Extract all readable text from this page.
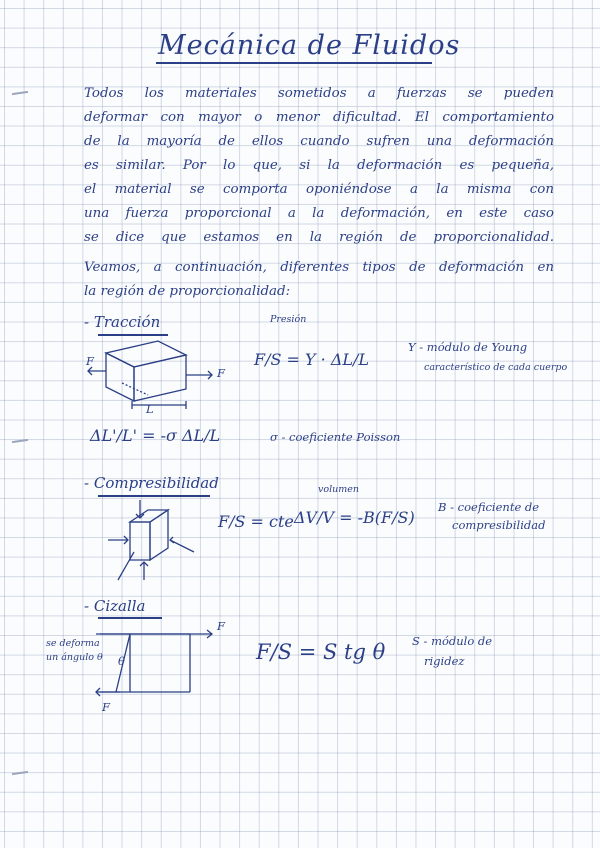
Mecánica de Fluidos
Todos los materiales sometidos a fuerzas se pueden
deformar con mayor o menor dificultad. El comportamiento
de la mayoría de ellos cuando sufren una deformación
es similar. Por lo que, si la deformación es pequeña,
el material se comporta oponiéndose a la misma con
una fuerza proporcional a la deformación, en este caso
se dice que estamos en la región de proporcionalidad.
Veamos, a continuación, diferentes tipos de deformación en
la región de proporcionalidad:
- Tracción
F
F
L
Presión
F/S = Y · ΔL/L
Y - módulo de Young
característico de cada cuerpo
ΔL'/L' = -σ ΔL/L	σ - coeficiente Poisson
- Compresibilidad
F/S = cte
volumen
ΔV/V = -B(F/S)
B - coeficiente de
compresibilidad
- Cizalla
F
F
se deforma
un ángulo θ θ	F/S = S tg θ S - módulo de
rigidez
